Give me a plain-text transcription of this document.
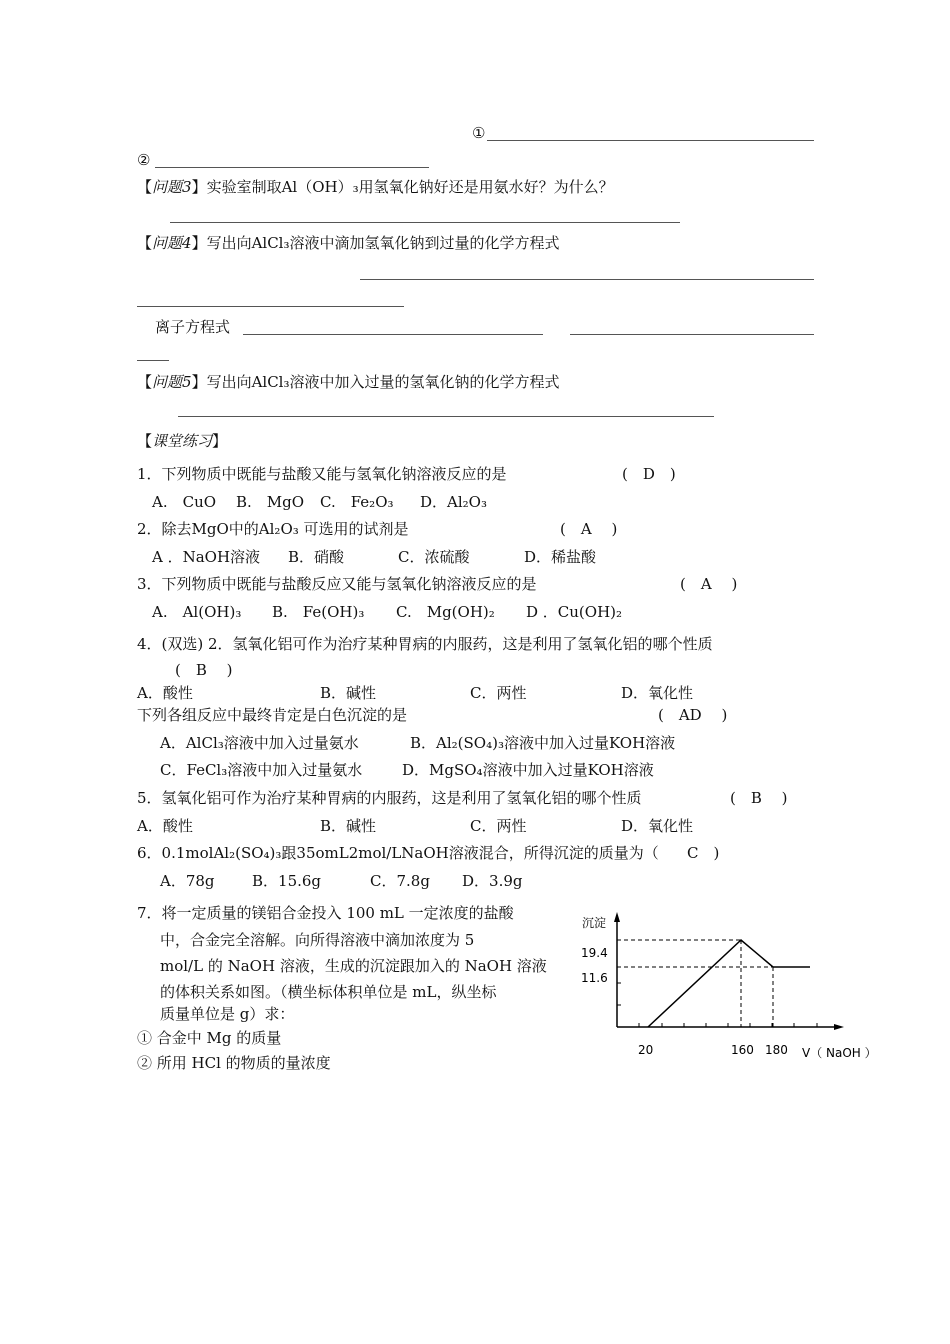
①
②
【问题3】实验室制取Al（OH）₃用氢氧化钠好还是用氨水好？为什么？
【问题4】写出向AlCl₃溶液中滴加氢氧化钠到过量的化学方程式
离子方程式
【问题5】写出向AlCl₃溶液中加入过量的氢氧化钠的化学方程式
【课堂练习】
1．下列物质中既能与盐酸又能与氢氧化钠溶液反应的是	(　D　)
A.　CuO B.　MgO C.　Fe₂O₃ D．Al₂O₃
2．除去MgO中的Al₂O₃ 可选用的试剂是	(　A　 )
A ．NaOH溶液 B．硝酸	C．浓硫酸	D．稀盐酸
3．下列物质中既能与盐酸反应又能与氢氧化钠溶液反应的是	(　A　 )
A.　Al(OH)₃ B.　Fe(OH)₃ C.　Mg(OH)₂ D ．Cu(OH)₂
4．(双选) 2．氢氧化铝可作为治疗某种胃病的内服药，这是利用了氢氧化铝的哪个性质
(　B　 )
A．酸性	B．碱性	C．两性	D．氧化性
下列各组反应中最终肯定是白色沉淀的是	(　AD　 )
A．AlCl₃溶液中加入过量氨水	B．Al₂(SO₄)₃溶液中加入过量KOH溶液
C．FeCl₃溶液中加入过量氨水	D．MgSO₄溶液中加入过量KOH溶液
5．氢氧化铝可作为治疗某种胃病的内服药，这是利用了氢氧化铝的哪个性质	(　B　 )
A．酸性	B．碱性	C．两性	D．氧化性
6．0.1molAl₂(SO₄)₃跟35omL2mol/LNaOH溶液混合，所得沉淀的质量为（ C　)
A．78g B．15.6g	C．7.8g D．3.9g
7．将一定质量的镁铝合金投入 100 mL 一定浓度的盐酸
中，合金完全溶解。向所得溶液中滴加浓度为 5
mol/L 的 NaOH 溶液，生成的沉淀跟加入的 NaOH 溶液
的体积关系如图。（横坐标体积单位是 mL，纵坐标
质量单位是 g）求：
① 合金中 Mg 的质量
② 所用 HCl 的物质的量浓度
沉淀
19.4
11.6
20	160 180 V（ NaOH ）
